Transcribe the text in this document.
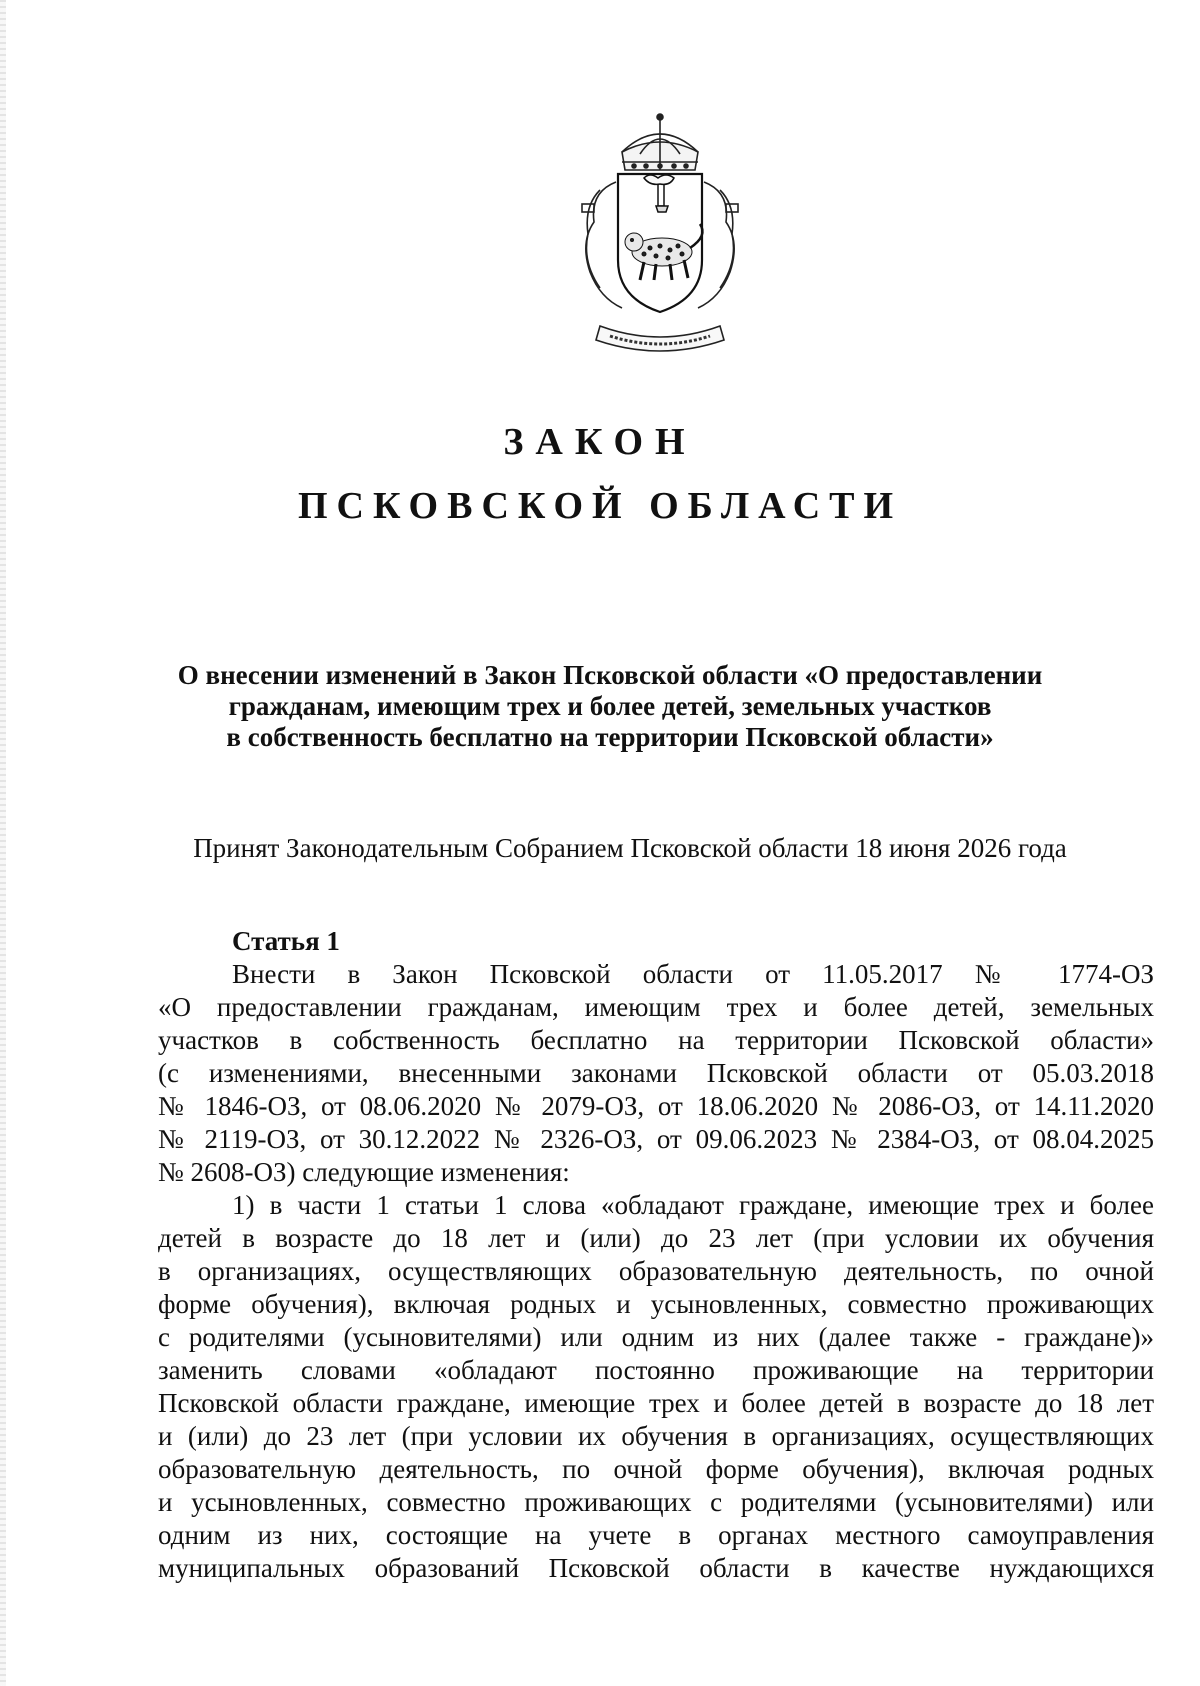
ЗАКОН
ПСКОВСКОЙ ОБЛАСТИ
О внесении изменений в Закон Псковской области «О предоставлении
гражданам, имеющим трех и более детей, земельных участков
в собственность бесплатно на территории Псковской области»
Принят Законодательным Собранием Псковской области 18 июня 2026 года
Статья 1
Внести в Закон Псковской области от 11.05.2017 № 1774-ОЗ
«О предоставлении гражданам, имеющим трех и более детей, земельных
участков в собственность бесплатно на территории Псковской области»
(с изменениями, внесенными законами Псковской области от 05.03.2018
№ 1846-ОЗ, от 08.06.2020 № 2079-ОЗ, от 18.06.2020 № 2086-ОЗ, от 14.11.2020
№ 2119-ОЗ, от 30.12.2022 № 2326-ОЗ, от 09.06.2023 № 2384-ОЗ, от 08.04.2025
№ 2608-ОЗ) следующие изменения:
1) в части 1 статьи 1 слова «обладают граждане, имеющие трех и более
детей в возрасте до 18 лет и (или) до 23 лет (при условии их обучения
в организациях, осуществляющих образовательную деятельность, по очной
форме обучения), включая родных и усыновленных, совместно проживающих
с родителями (усыновителями) или одним из них (далее также - граждане)»
заменить словами «обладают постоянно проживающие на территории
Псковской области граждане, имеющие трех и более детей в возрасте до 18 лет
и (или) до 23 лет (при условии их обучения в организациях, осуществляющих
образовательную деятельность, по очной форме обучения), включая родных
и усыновленных, совместно проживающих с родителями (усыновителями) или
одним из них, состоящие на учете в органах местного самоуправления
муниципальных образований Псковской области в качестве нуждающихся
